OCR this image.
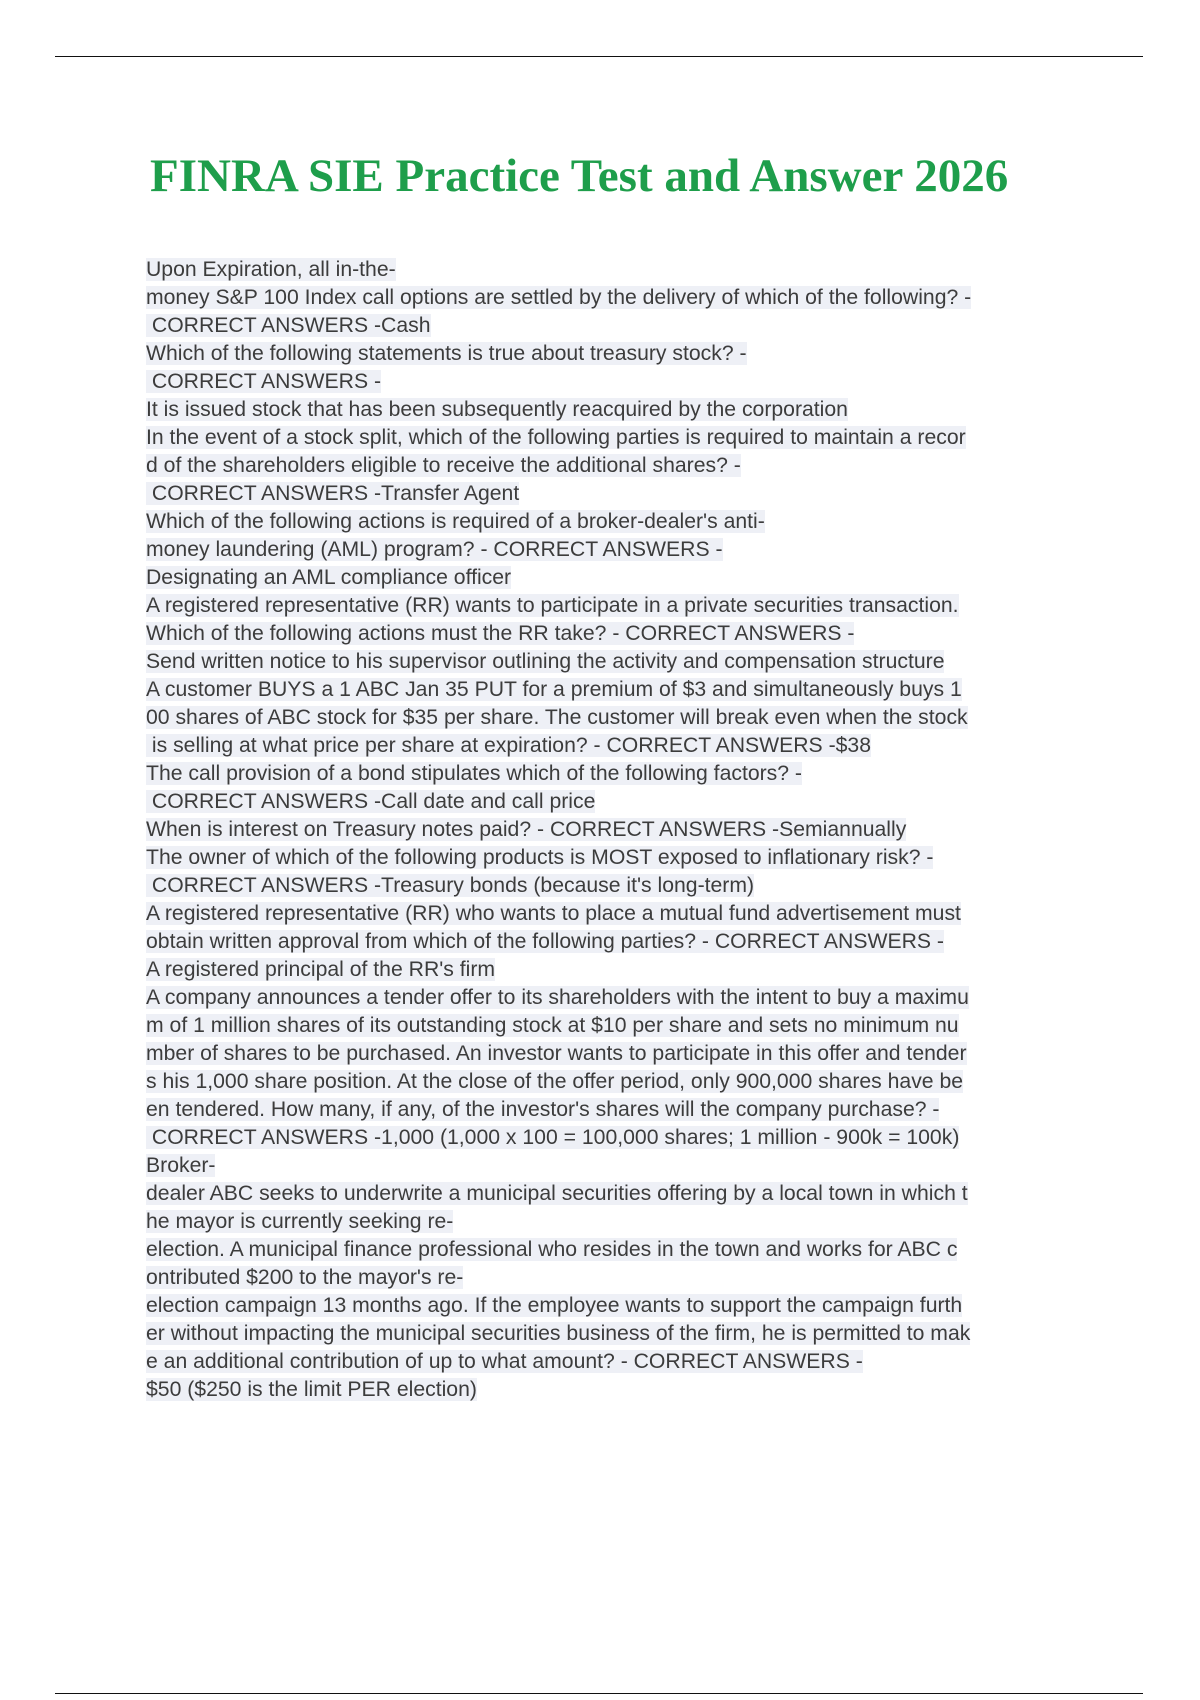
FINRA SIE Practice Test and Answer 2026
Upon Expiration, all in-the-
money S&P 100 Index call options are settled by the delivery of which of the following? -
CORRECT ANSWERS -Cash
Which of the following statements is true about treasury stock? -
CORRECT ANSWERS -
It is issued stock that has been subsequently reacquired by the corporation
In the event of a stock split, which of the following parties is required to maintain a recor
d of the shareholders eligible to receive the additional shares? -
CORRECT ANSWERS -Transfer Agent
Which of the following actions is required of a broker-dealer's anti-
money laundering (AML) program? - CORRECT ANSWERS -
Designating an AML compliance officer
A registered representative (RR) wants to participate in a private securities transaction.
Which of the following actions must the RR take? - CORRECT ANSWERS -
Send written notice to his supervisor outlining the activity and compensation structure
A customer BUYS a 1 ABC Jan 35 PUT for a premium of $3 and simultaneously buys 1
00 shares of ABC stock for $35 per share. The customer will break even when the stock
is selling at what price per share at expiration? - CORRECT ANSWERS -$38
The call provision of a bond stipulates which of the following factors? -
CORRECT ANSWERS -Call date and call price
When is interest on Treasury notes paid? - CORRECT ANSWERS -Semiannually
The owner of which of the following products is MOST exposed to inflationary risk? -
CORRECT ANSWERS -Treasury bonds (because it's long-term)
A registered representative (RR) who wants to place a mutual fund advertisement must
obtain written approval from which of the following parties? - CORRECT ANSWERS -
A registered principal of the RR's firm
A company announces a tender offer to its shareholders with the intent to buy a maximu
m of 1 million shares of its outstanding stock at $10 per share and sets no minimum nu
mber of shares to be purchased. An investor wants to participate in this offer and tender
s his 1,000 share position. At the close of the offer period, only 900,000 shares have be
en tendered. How many, if any, of the investor's shares will the company purchase? -
CORRECT ANSWERS -1,000 (1,000 x 100 = 100,000 shares; 1 million - 900k = 100k)
Broker-
dealer ABC seeks to underwrite a municipal securities offering by a local town in which t
he mayor is currently seeking re-
election. A municipal finance professional who resides in the town and works for ABC c
ontributed $200 to the mayor's re-
election campaign 13 months ago. If the employee wants to support the campaign furth
er without impacting the municipal securities business of the firm, he is permitted to mak
e an additional contribution of up to what amount? - CORRECT ANSWERS -
$50 ($250 is the limit PER election)
